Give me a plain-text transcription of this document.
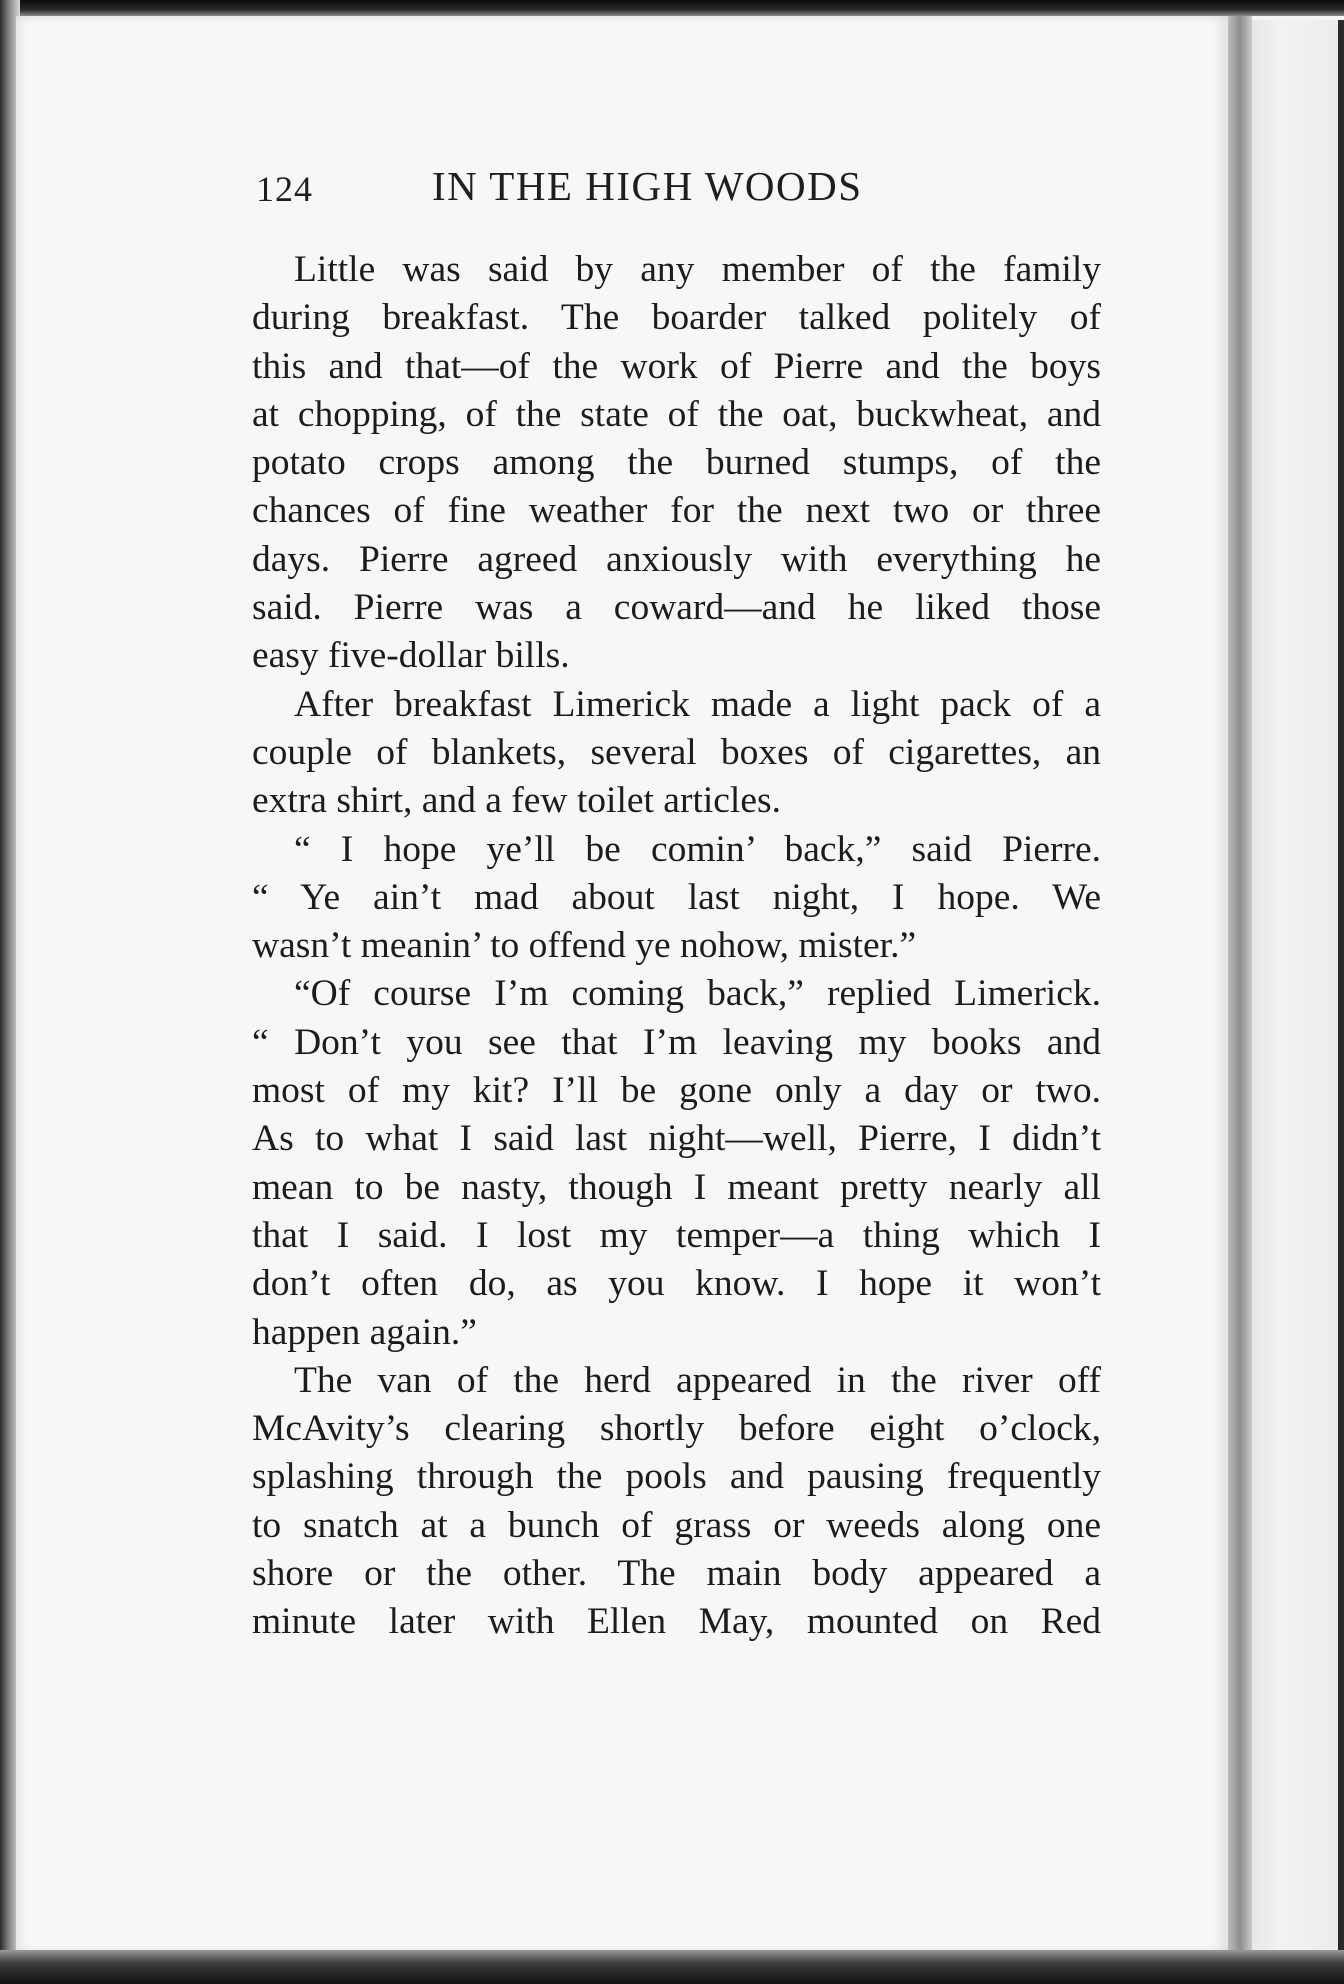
124	IN THE HIGH WOODS
Little was said by any member of the family
during breakfast. The boarder talked politely of
this and that—of the work of Pierre and the boys
at chopping, of the state of the oat, buckwheat, and
potato crops among the burned stumps, of the
chances of fine weather for the next two or three
days. Pierre agreed anxiously with everything he
said. Pierre was a coward—and he liked those
easy five-dollar bills.
After breakfast Limerick made a light pack of a
couple of blankets, several boxes of cigarettes, an
extra shirt, and a few toilet articles.
“ I hope ye’ll be comin’ back,” said Pierre.
“ Ye ain’t mad about last night, I hope. We
wasn’t meanin’ to offend ye nohow, mister.”
“Of course I’m coming back,” replied Limerick.
“ Don’t you see that I’m leaving my books and
most of my kit? I’ll be gone only a day or two.
As to what I said last night—well, Pierre, I didn’t
mean to be nasty, though I meant pretty nearly all
that I said. I lost my temper—a thing which I
don’t often do, as you know. I hope it won’t
happen again.”
The van of the herd appeared in the river off
McAvity’s clearing shortly before eight o’clock,
splashing through the pools and pausing frequently
to snatch at a bunch of grass or weeds along one
shore or the other. The main body appeared a
minute later with Ellen May, mounted on Red
